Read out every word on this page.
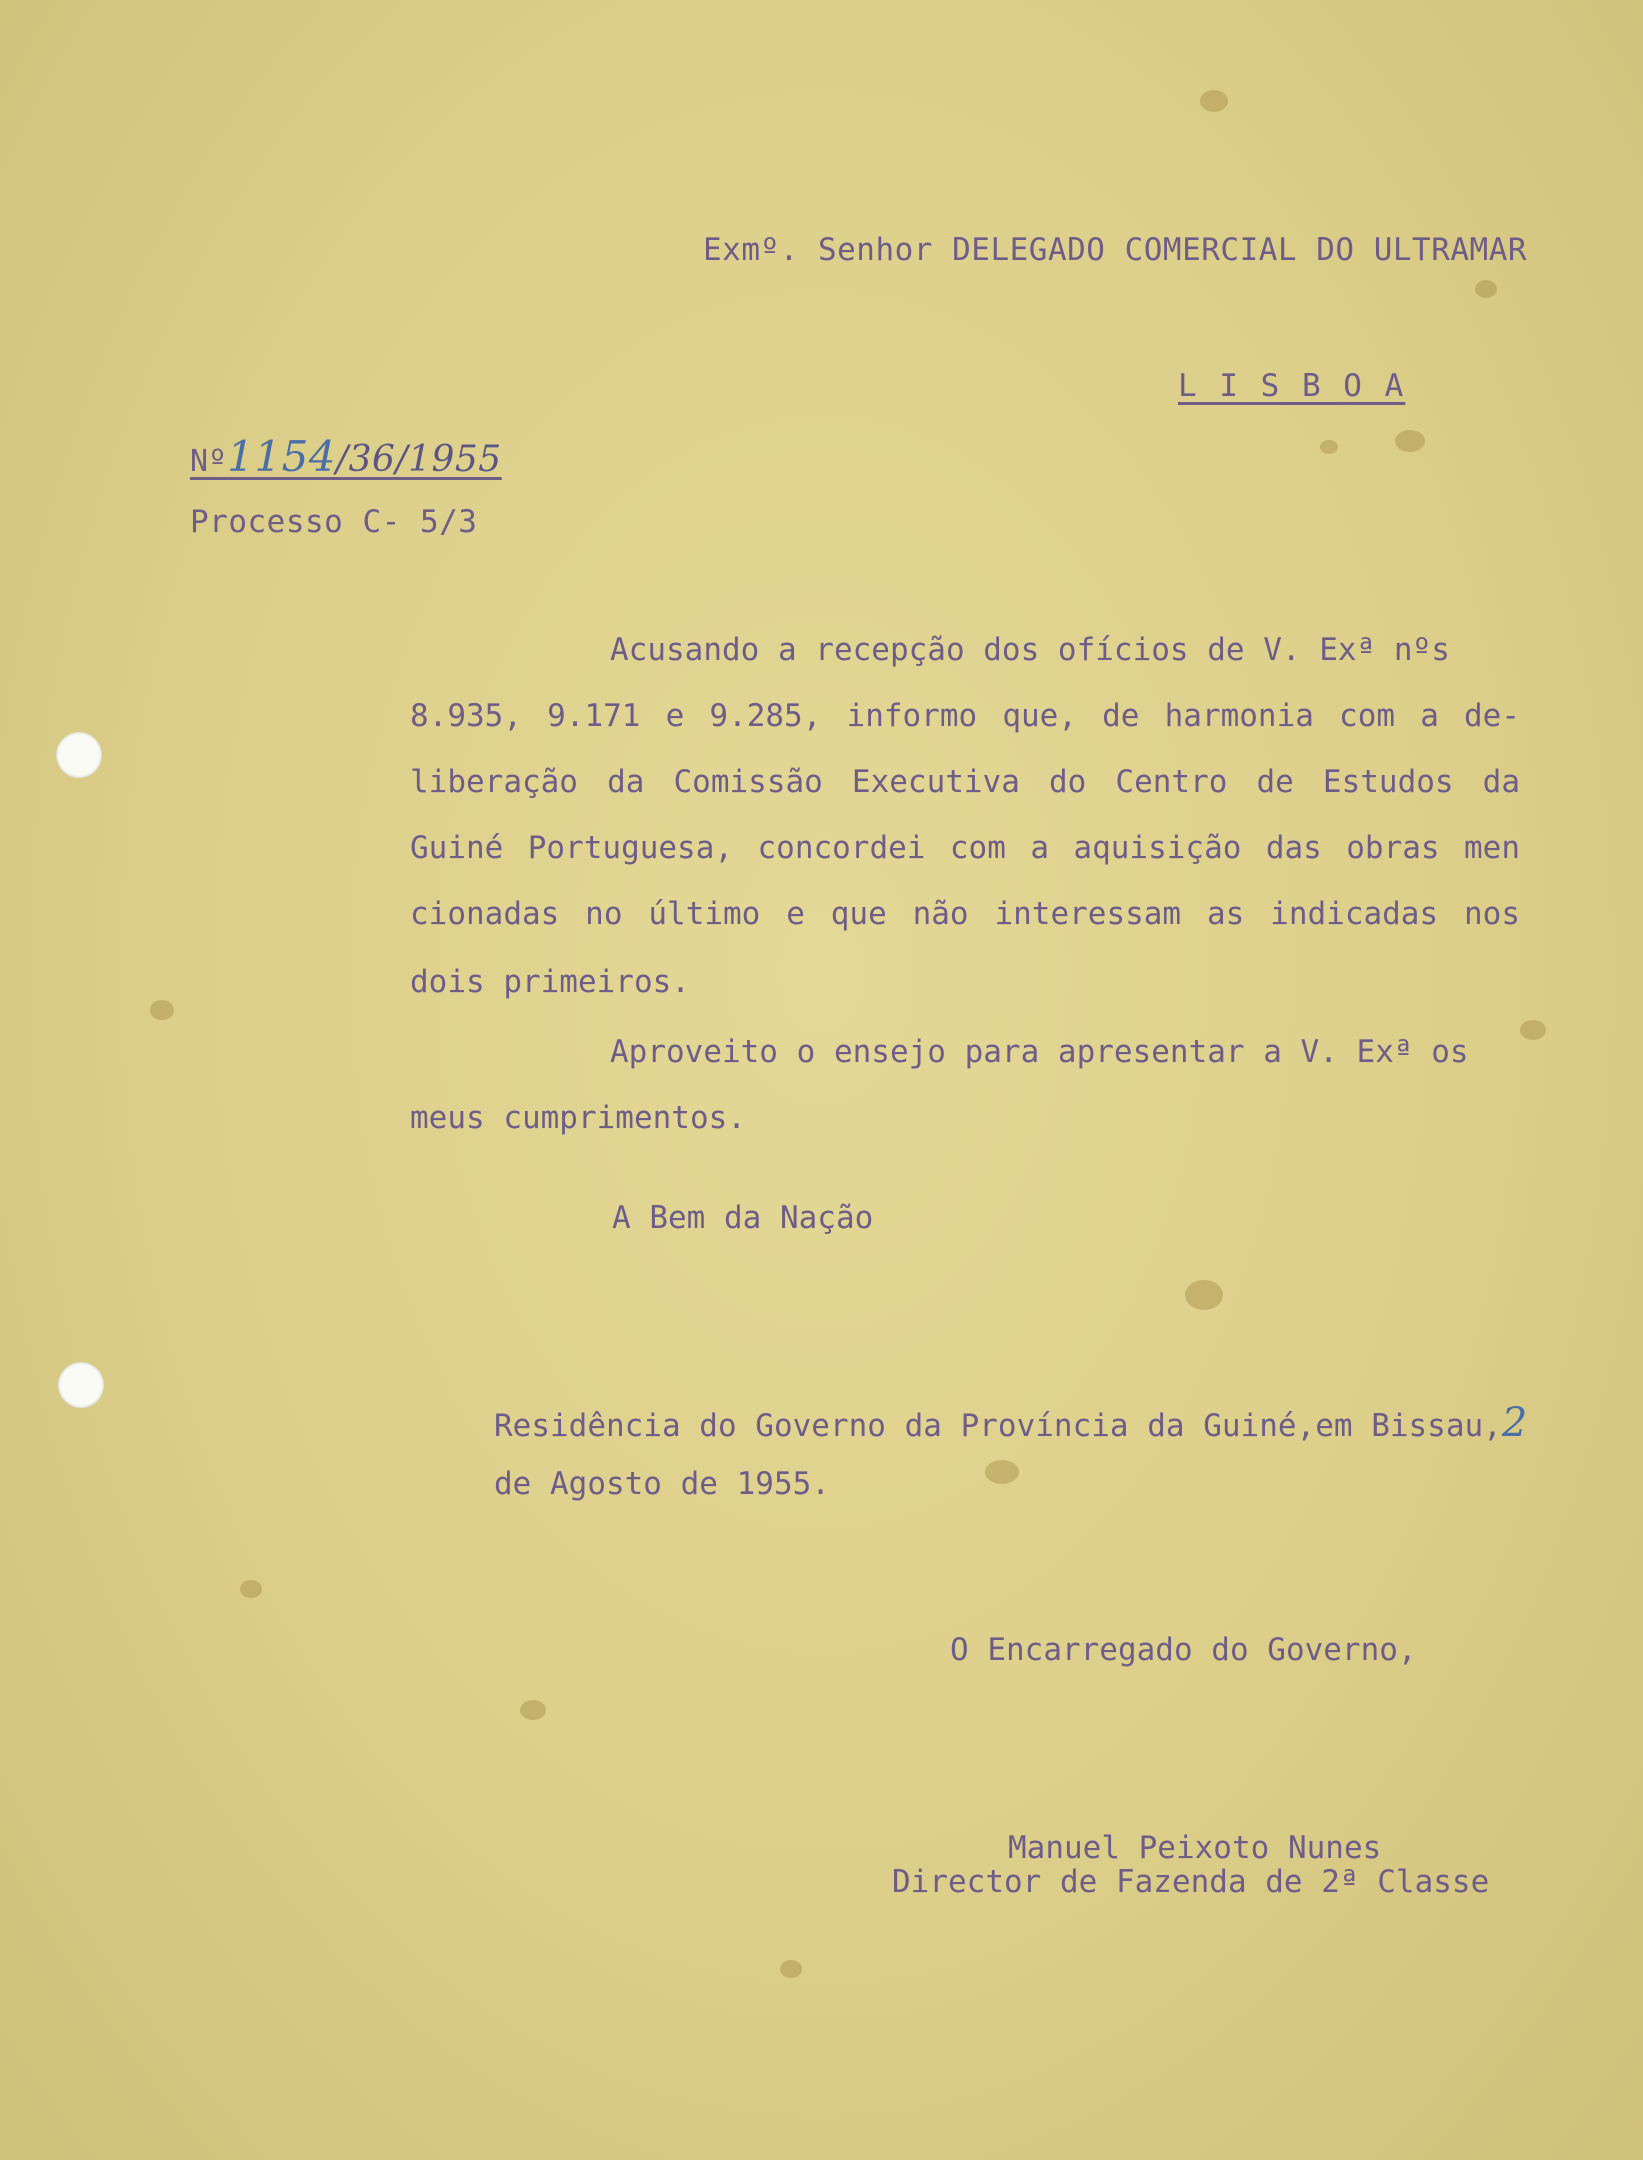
Exmº. Senhor DELEGADO COMERCIAL DO ULTRAMAR
L I S B O A
Nº1154/36/1955
Processo C- 5/3
Acusando a recepção dos ofícios de V. Exª nºs
8.935, 9.171 e 9.285, informo que, de harmonia com a de-
liberação da Comissão Executiva do Centro de Estudos da
Guiné Portuguesa, concordei com a aquisição das obras men
cionadas no último e que não interessam as indicadas nos
dois primeiros.
Aproveito o ensejo para apresentar a V. Exª os
meus cumprimentos.
A Bem da Nação
Residência do Governo da Província da Guiné,em Bissau,2
de Agosto de 1955.
O Encarregado do Governo,
Manuel Peixoto Nunes
Director de Fazenda de 2ª Classe
